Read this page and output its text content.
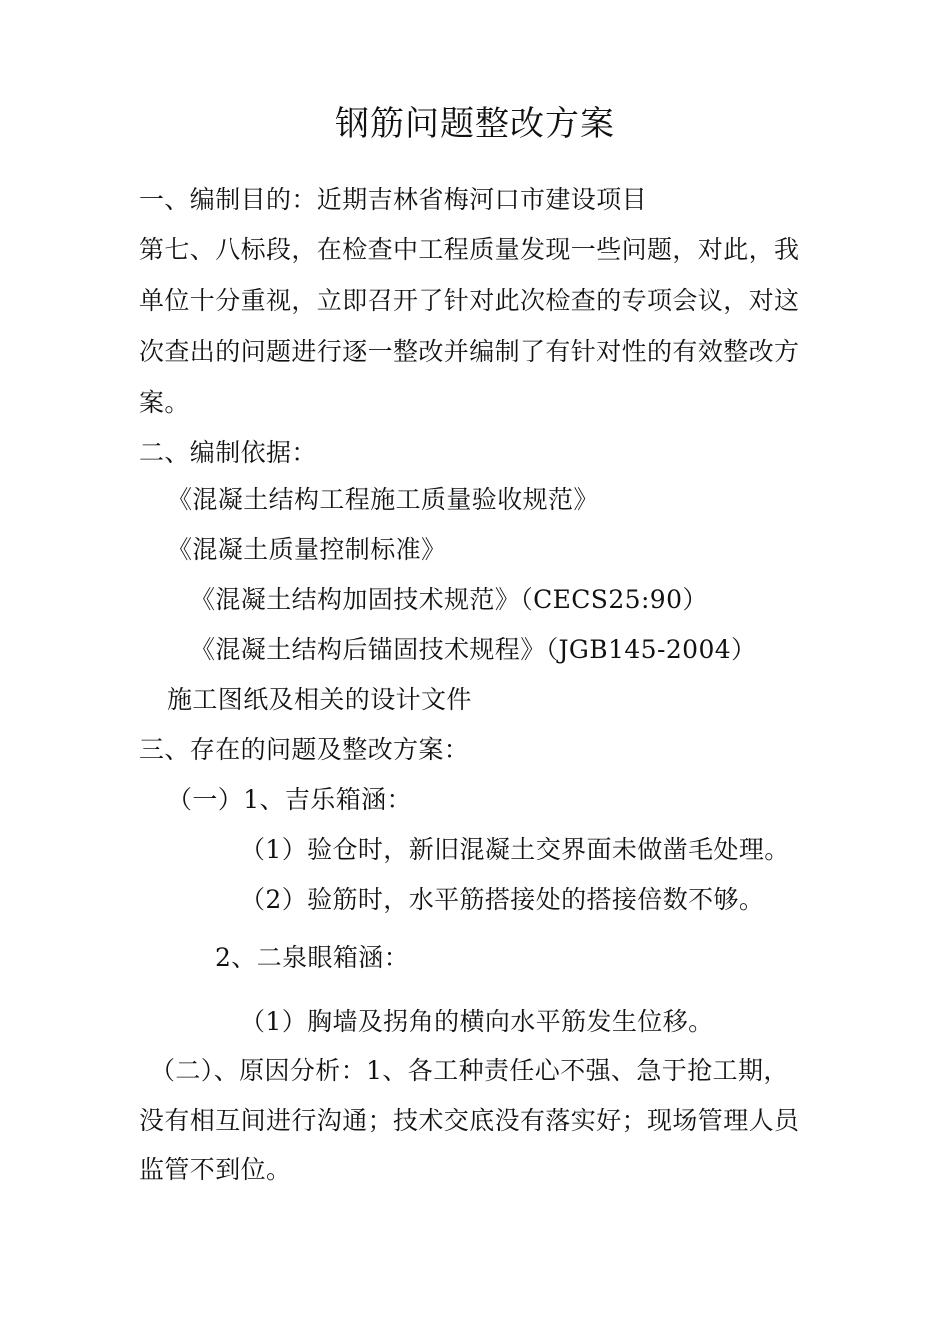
钢筋问题整改方案
一、编制目的：近期吉林省梅河口市建设项目
第七、八标段，在检查中工程质量发现一些问题，对此，我
单位十分重视，立即召开了针对此次检查的专项会议，对这
次查出的问题进行逐一整改并编制了有针对性的有效整改方
案。
二、编制依据：
《混凝土结构工程施工质量验收规范》
《混凝土质量控制标准》
《混凝土结构加固技术规范》（CECS25:90）
《混凝土结构后锚固技术规程》（JGB145-2004）
施工图纸及相关的设计文件
三、存在的问题及整改方案：
（一）1、吉乐箱涵：
（1）验仓时，新旧混凝土交界面未做凿毛处理。
（2）验筋时，水平筋搭接处的搭接倍数不够。
2、二泉眼箱涵：
（1）胸墙及拐角的横向水平筋发生位移。
（二）、原因分析：1、各工种责任心不强、急于抢工期，
没有相互间进行沟通；技术交底没有落实好；现场管理人员
监管不到位。
